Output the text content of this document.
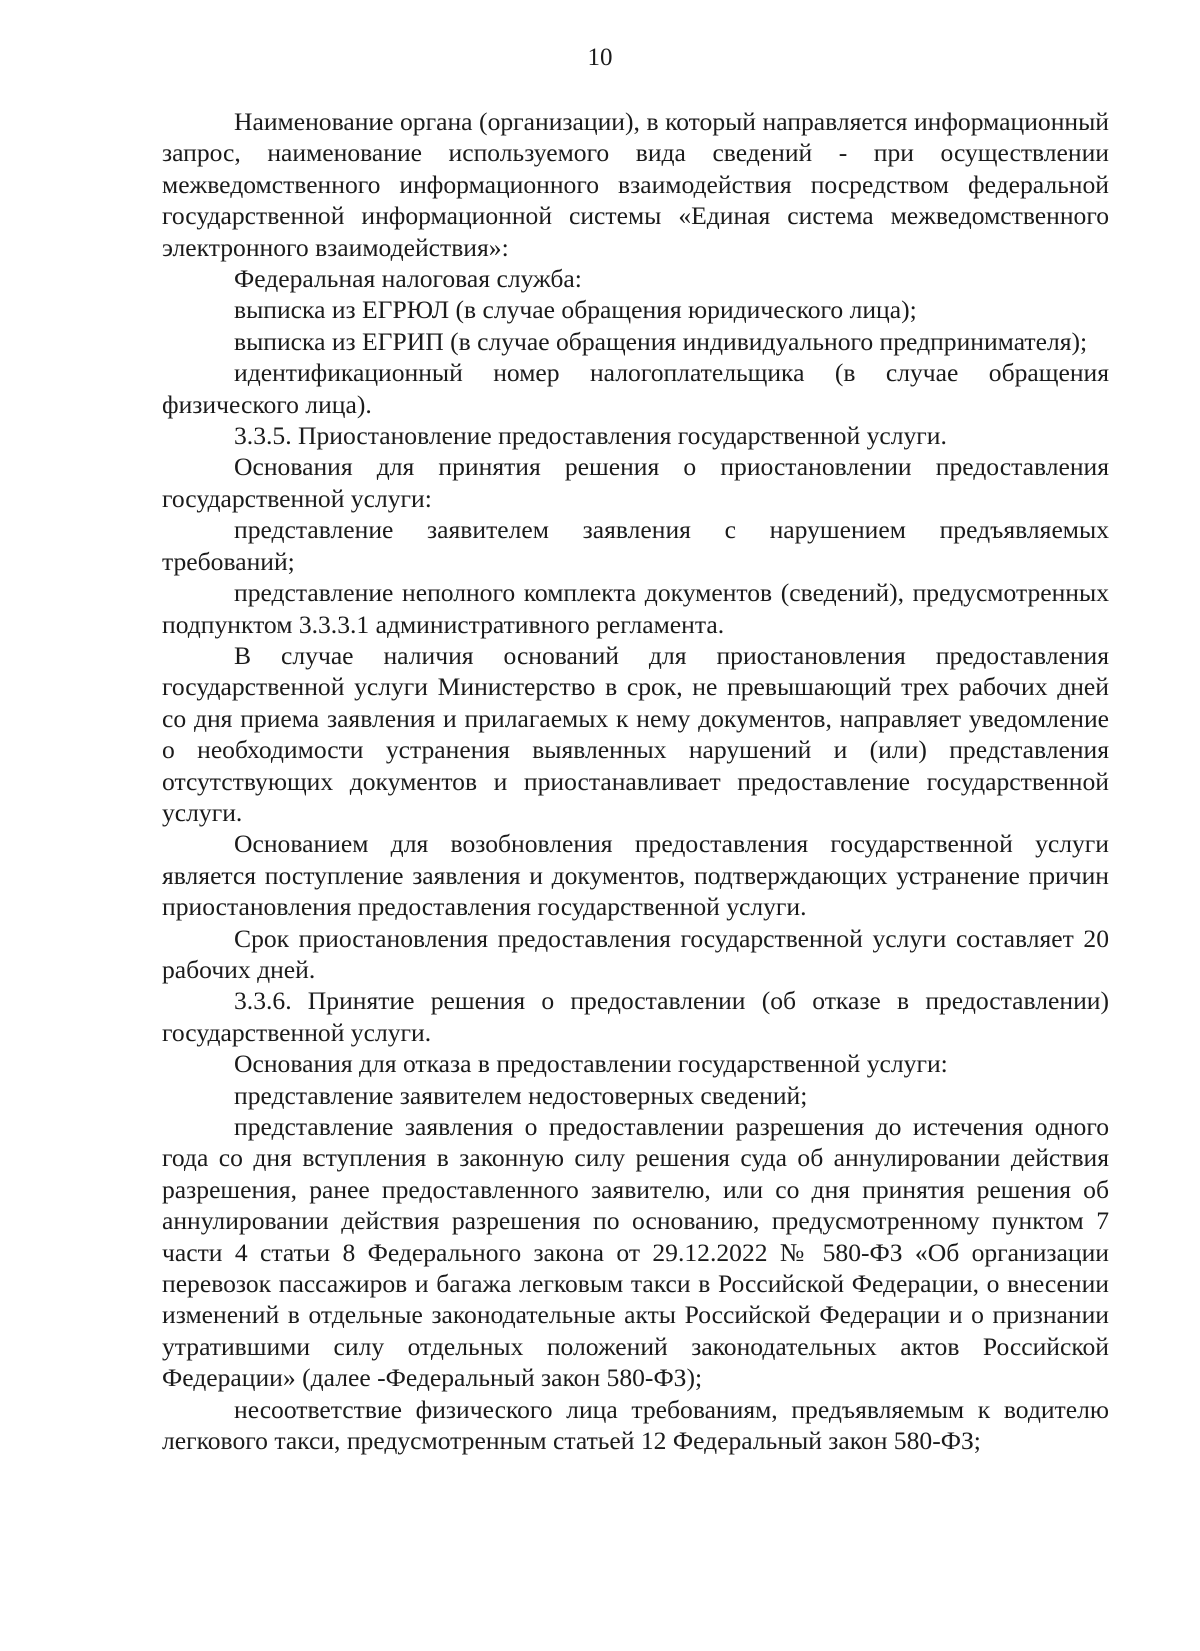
10

Наименование органа (организации), в который направляется информационный запрос, наименование используемого вида сведений - при осуществлении межведомственного информационного взаимодействия посредством федеральной государственной информационной системы «Единая система межведомственного электронного взаимодействия»:

Федеральная налоговая служба:

выписка из ЕГРЮЛ (в случае обращения юридического лица);

выписка из ЕГРИП (в случае обращения индивидуального предпринимателя);

идентификационный номер налогоплательщика (в случае обращения физического лица).

3.3.5. Приостановление предоставления государственной услуги.

Основания для принятия решения о приостановлении предоставления государственной услуги:

представление заявителем заявления с нарушением предъявляемых требований;

представление неполного комплекта документов (сведений), предусмотренных подпунктом 3.3.3.1 административного регламента.

В случае наличия оснований для приостановления предоставления государственной услуги Министерство в срок, не превышающий трех рабочих дней со дня приема заявления и прилагаемых к нему документов, направляет уведомление о необходимости устранения выявленных нарушений и (или) представления отсутствующих документов и приостанавливает предоставление государственной услуги.

Основанием для возобновления предоставления государственной услуги является поступление заявления и документов, подтверждающих устранение причин приостановления предоставления государственной услуги.

Срок приостановления предоставления государственной услуги составляет 20 рабочих дней.

3.3.6. Принятие решения о предоставлении (об отказе в предоставлении) государственной услуги.

Основания для отказа в предоставлении государственной услуги:

представление заявителем недостоверных сведений;

представление заявления о предоставлении разрешения до истечения одного года со дня вступления в законную силу решения суда об аннулировании действия разрешения, ранее предоставленного заявителю, или со дня принятия решения об аннулировании действия разрешения по основанию, предусмотренному пунктом 7 части 4 статьи 8 Федерального закона от 29.12.2022 № 580-ФЗ «Об организации перевозок пассажиров и багажа легковым такси в Российской Федерации, о внесении изменений в отдельные законодательные акты Российской Федерации и о признании утратившими силу отдельных положений законодательных актов Российской Федерации» (далее -Федеральный закон 580-ФЗ);

несоответствие физического лица требованиям, предъявляемым к водителю легкового такси, предусмотренным статьей 12 Федеральный закон 580-ФЗ;
